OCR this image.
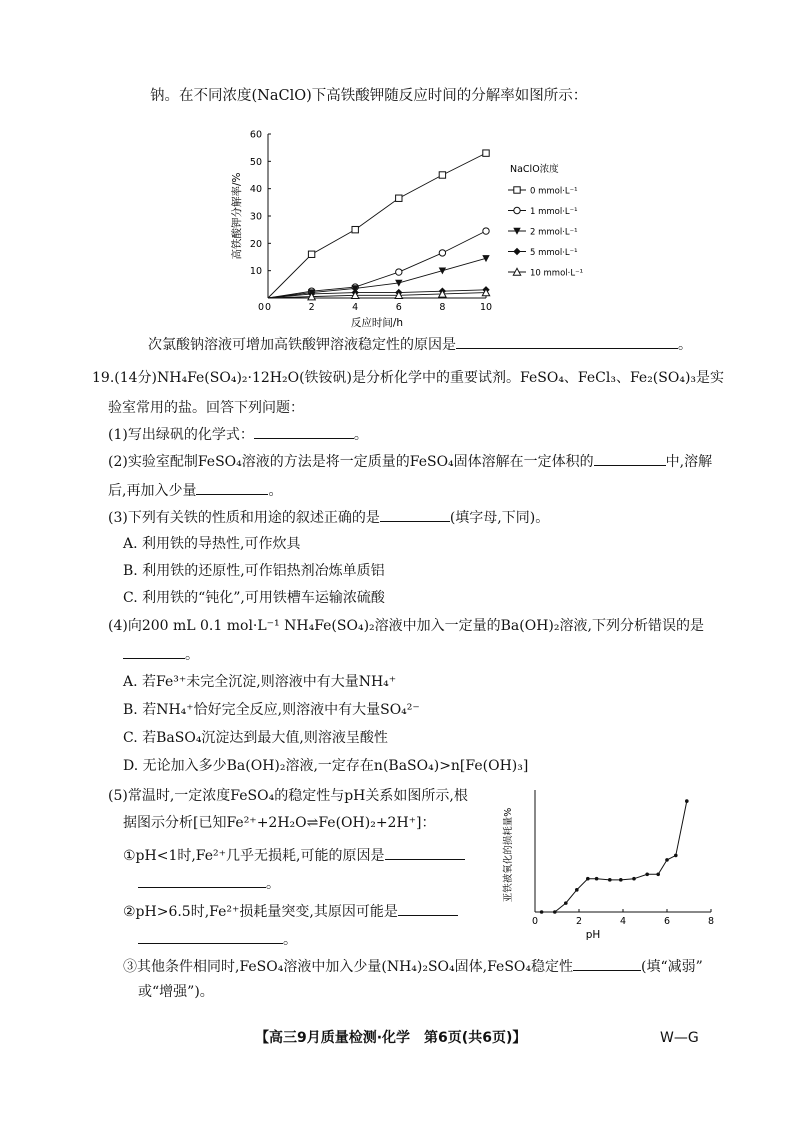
钠。在不同浓度(NaClO)下高铁酸钾随反应时间的分解率如图所示：
0	2	4	6	8	10
0
10
20
30
40
50
60
反应时间/h
高铁酸钾分解率/%
NaClO浓度
0 mmol·L⁻¹
1 mmol·L⁻¹
2 mmol·L⁻¹
5 mmol·L⁻¹
10 mmol·L⁻¹
次氯酸钠溶液可增加高铁酸钾溶液稳定性的原因是	。
19.(14分)NH₄Fe(SO₄)₂·12H₂O(铁铵矾)是分析化学中的重要试剂。FeSO₄、FeCl₃、Fe₂(SO₄)₃是实
验室常用的盐。回答下列问题：
(1)写出绿矾的化学式：	。
(2)实验室配制FeSO₄溶液的方法是将一定质量的FeSO₄固体溶解在一定体积的	中,溶解
后,再加入少量	。
(3)下列有关铁的性质和用途的叙述正确的是	(填字母,下同)。
A. 利用铁的导热性,可作炊具
B. 利用铁的还原性,可作铝热剂冶炼单质铝
C. 利用铁的“钝化”,可用铁槽车运输浓硫酸
(4)向200 mL 0.1 mol·L⁻¹ NH₄Fe(SO₄)₂溶液中加入一定量的Ba(OH)₂溶液,下列分析错误的是
。
A. 若Fe³⁺未完全沉淀,则溶液中有大量NH₄⁺
B. 若NH₄⁺恰好完全反应,则溶液中有大量SO₄²⁻
C. 若BaSO₄沉淀达到最大值,则溶液呈酸性
D. 无论加入多少Ba(OH)₂溶液,一定存在n(BaSO₄)>n[Fe(OH)₃]
(5)常温时,一定浓度FeSO₄的稳定性与pH关系如图所示,根
据图示分析[已知Fe²⁺+2H₂O⇌Fe(OH)₂+2H⁺]：
①pH<1时,Fe²⁺几乎无损耗,可能的原因是
。
②pH>6.5时,Fe²⁺损耗量突变,其原因可能是
。
0	2	4	6	8
pH
亚铁被氧化的损耗量%
③其他条件相同时,FeSO₄溶液中加入少量(NH₄)₂SO₄固体,FeSO₄稳定性	(填“减弱”
或“增强”)。
【高三9月质量检测·化学　第6页(共6页)】	W—G
